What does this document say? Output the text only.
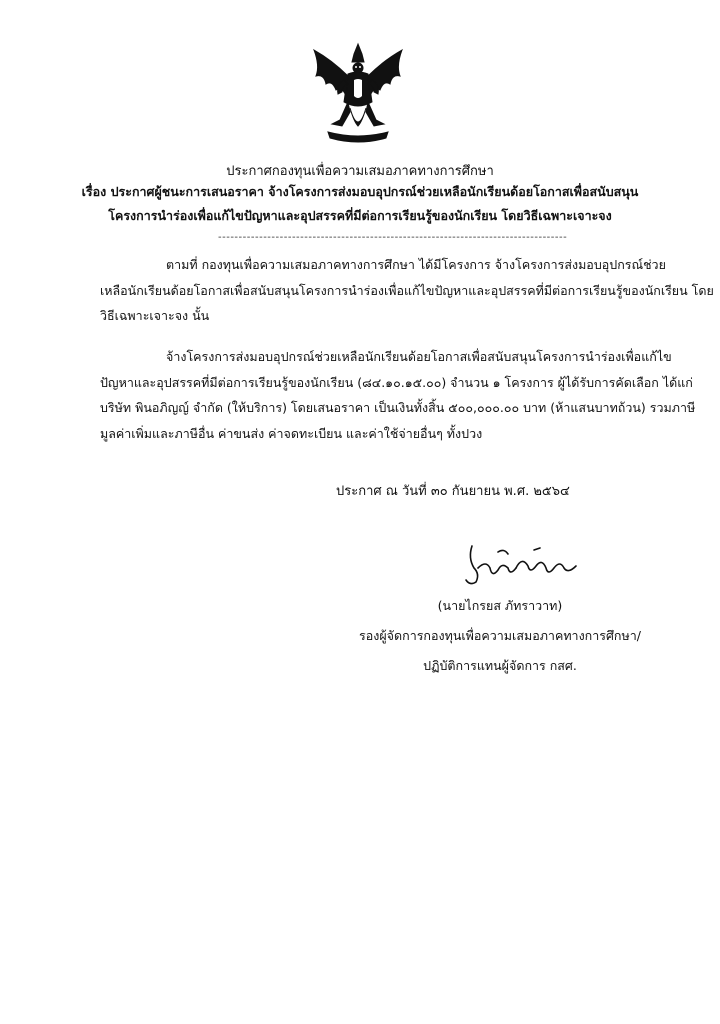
ประกาศกองทุนเพื่อความเสมอภาคทางการศึกษา
เรื่อง ประกาศผู้ชนะการเสนอราคา จ้างโครงการส่งมอบอุปกรณ์ช่วยเหลือนักเรียนด้อยโอกาสเพื่อสนับสนุน
โครงการนำร่องเพื่อแก้ไขปัญหาและอุปสรรคที่มีต่อการเรียนรู้ของนักเรียน โดยวิธีเฉพาะเจาะจง
-------------------------------------------------------------------------------------
ตามที่ กองทุนเพื่อความเสมอภาคทางการศึกษา ได้มีโครงการ จ้างโครงการส่งมอบอุปกรณ์ช่วย
เหลือนักเรียนด้อยโอกาสเพื่อสนับสนุนโครงการนำร่องเพื่อแก้ไขปัญหาและอุปสรรคที่มีต่อการเรียนรู้ของนักเรียน โดย
วิธีเฉพาะเจาะจง นั้น
จ้างโครงการส่งมอบอุปกรณ์ช่วยเหลือนักเรียนด้อยโอกาสเพื่อสนับสนุนโครงการนำร่องเพื่อแก้ไข
ปัญหาและอุปสรรคที่มีต่อการเรียนรู้ของนักเรียน (๘๔.๑๐.๑๕.๐๐) จำนวน ๑ โครงการ ผู้ได้รับการคัดเลือก ได้แก่
บริษัท พินอภิญญ์ จำกัด (ให้บริการ) โดยเสนอราคา เป็นเงินทั้งสิ้น ๕๐๐,๐๐๐.๐๐ บาท (ห้าแสนบาทถ้วน) รวมภาษี
มูลค่าเพิ่มและภาษีอื่น ค่าขนส่ง ค่าจดทะเบียน และค่าใช้จ่ายอื่นๆ ทั้งปวง
ประกาศ ณ วันที่ ๓๐ กันยายน พ.ศ. ๒๕๖๔
(นายไกรยส ภัทราวาท)
รองผู้จัดการกองทุนเพื่อความเสมอภาคทางการศึกษา/
ปฏิบัติการแทนผู้จัดการ กสศ.
